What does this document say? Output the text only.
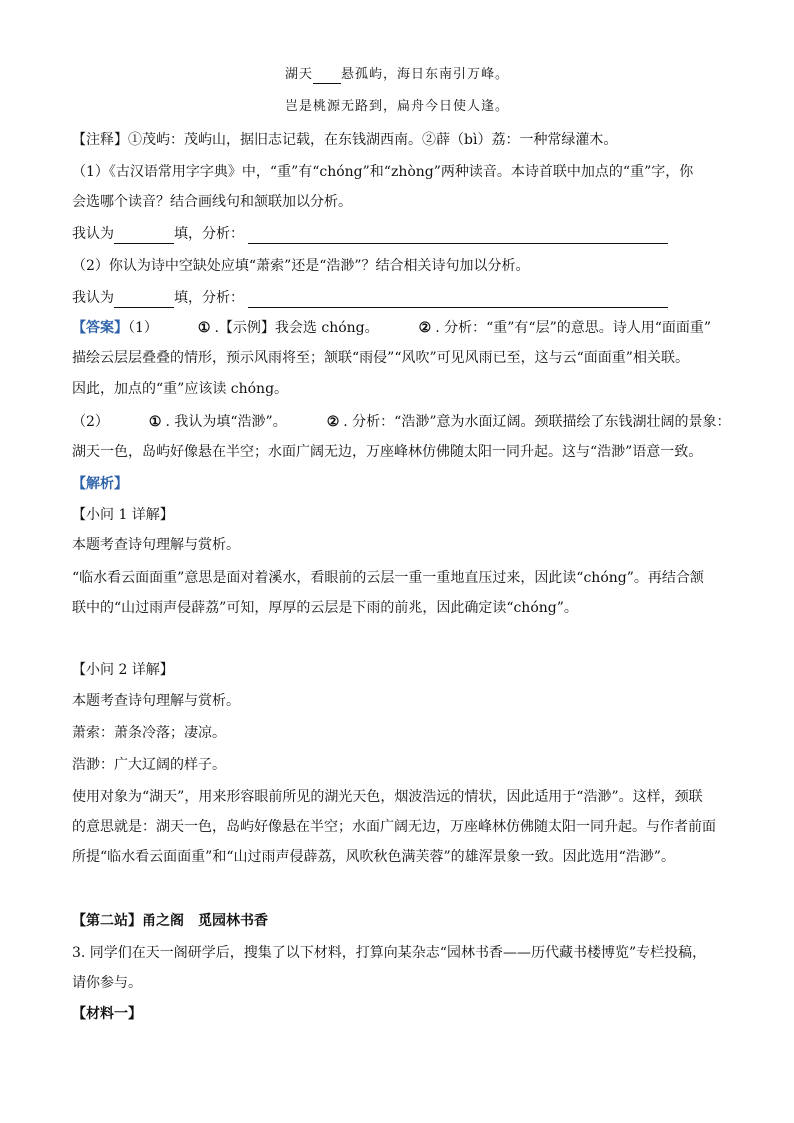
湖天 悬孤屿，海日东南引万峰。
岂是桃源无路到，扁舟今日使人逢。
【注释】①茂屿：茂屿山，据旧志记载，在东钱湖西南。②薜（bì）荔：一种常绿灌木。
（1）《古汉语常用字字典》中，“重”有“chóng”和“zhòng”两种读音。本诗首联中加点的“重”字，你
会选哪个读音？结合画线句和颔联加以分析。
我认为	填，分析：
（2）你认为诗中空缺处应填“萧索”还是“浩渺”？结合相关诗句加以分析。
我认为	填，分析：
【答案】（1）	① .【示例】我会选 chóng。	② . 分析：“重”有“层”的意思。诗人用“面面重”
描绘云层层叠叠的情形，预示风雨将至；颔联“雨侵”“风吹”可见风雨已至，这与云“面面重”相关联。
因此，加点的“重”应该读 chóng。
（2）	① . 我认为填“浩渺”。	② . 分析：“浩渺”意为水面辽阔。颈联描绘了东钱湖壮阔的景象：
湖天一色，岛屿好像悬在半空；水面广阔无边，万座峰林仿佛随太阳一同升起。这与“浩渺”语意一致。
【解析】
【小问 1 详解】
本题考查诗句理解与赏析。
“临水看云面面重”意思是面对着溪水，看眼前的云层一重一重地直压过来，因此读“chóng”。再结合颔
联中的“山过雨声侵薜荔”可知，厚厚的云层是下雨的前兆，因此确定读“chóng”。
【小问 2 详解】
本题考查诗句理解与赏析。
萧索：萧条冷落；凄凉。
浩渺：广大辽阔的样子。
使用对象为“湖天”，用来形容眼前所见的湖光天色，烟波浩远的情状，因此适用于“浩渺”。这样，颈联
的意思就是：湖天一色，岛屿好像悬在半空；水面广阔无边，万座峰林仿佛随太阳一同升起。与作者前面
所提“临水看云面面重”和“山过雨声侵薜荔，风吹秋色满芙蓉”的雄浑景象一致。因此选用“浩渺”。
【第二站】甬之阁　觅园林书香
3. 同学们在天一阁研学后，搜集了以下材料，打算向某杂志“园林书香——历代藏书楼博览”专栏投稿，
请你参与。
【材料一】
